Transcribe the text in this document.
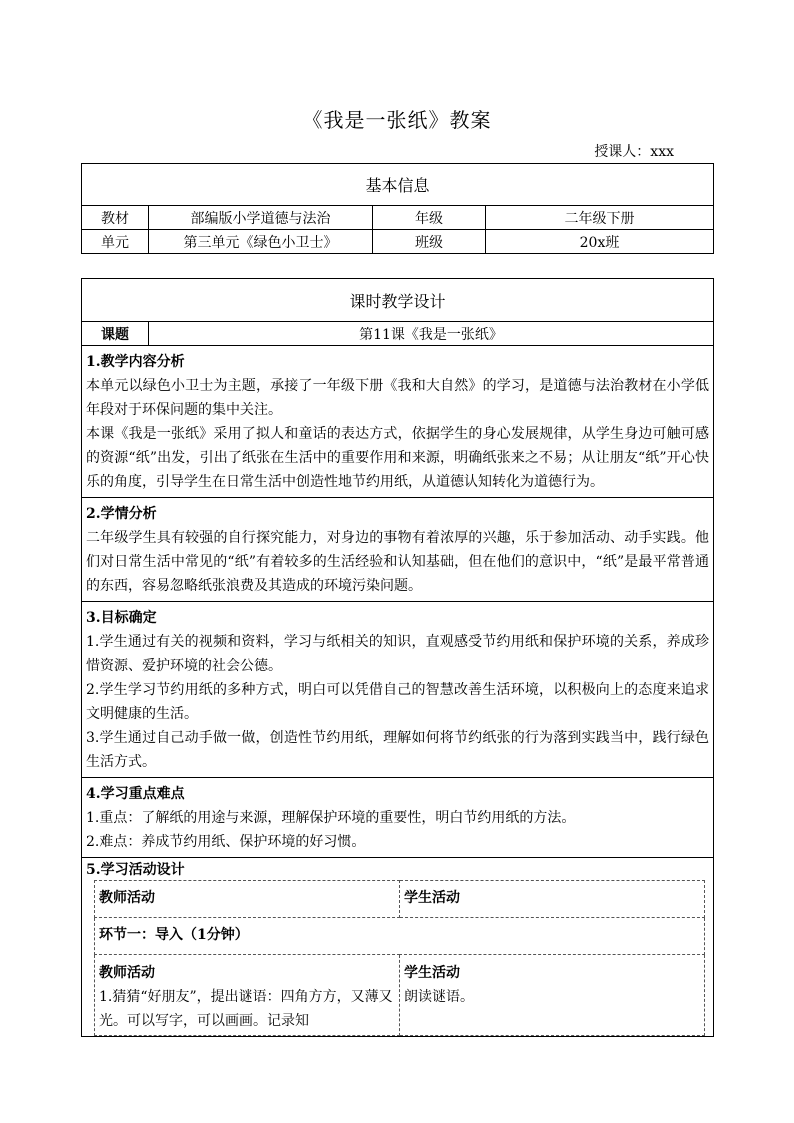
《我是一张纸》教案
授课人：xxx
基本信息			
教材	部编版小学道德与法治	年级	二年级下册
单元	第三单元《绿色小卫士》	班级	20x班
课时教学设计
课题	第11课《我是一张纸》

1.教学内容分析

本单元以绿色小卫士为主题，承接了一年级下册《我和大自然》的学习，是道德与法治教材在小学低年段对于环保问题的集中关注。

本课《我是一张纸》采用了拟人和童话的表达方式，依据学生的身心发展规律，从学生身边可触可感的资源“纸”出发，引出了纸张在生活中的重要作用和来源，明确纸张来之不易；从让朋友“纸”开心快乐的角度，引导学生在日常生活中创造性地节约用纸，从道德认知转化为道德行为。

2.学情分析

二年级学生具有较强的自行探究能力，对身边的事物有着浓厚的兴趣，乐于参加活动、动手实践。他们对日常生活中常见的“纸”有着较多的生活经验和认知基础，但在他们的意识中，“纸”是最平常普通的东西，容易忽略纸张浪费及其造成的环境污染问题。

3.目标确定

1.学生通过有关的视频和资料，学习与纸相关的知识，直观感受节约用纸和保护环境的关系，养成珍惜资源、爱护环境的社会公德。

2.学生学习节约用纸的多种方式，明白可以凭借自己的智慧改善生活环境，以积极向上的态度来追求文明健康的生活。

3.学生通过自己动手做一做，创造性节约用纸，理解如何将节约纸张的行为落到实践当中，践行绿色生活方式。

4.学习重点难点

1.重点：了解纸的用途与来源，理解保护环境的重要性，明白节约用纸的方法。

2.难点：养成节约用纸、保护环境的好习惯。

5.学习活动设计
教师活动	学生活动
环节一：导入（1分钟）

教师活动
1.猜猜“好朋友”，提出谜语：四角方方，又薄又光。可以写字，可以画画。记录知

学生活动
朗读谜语。
